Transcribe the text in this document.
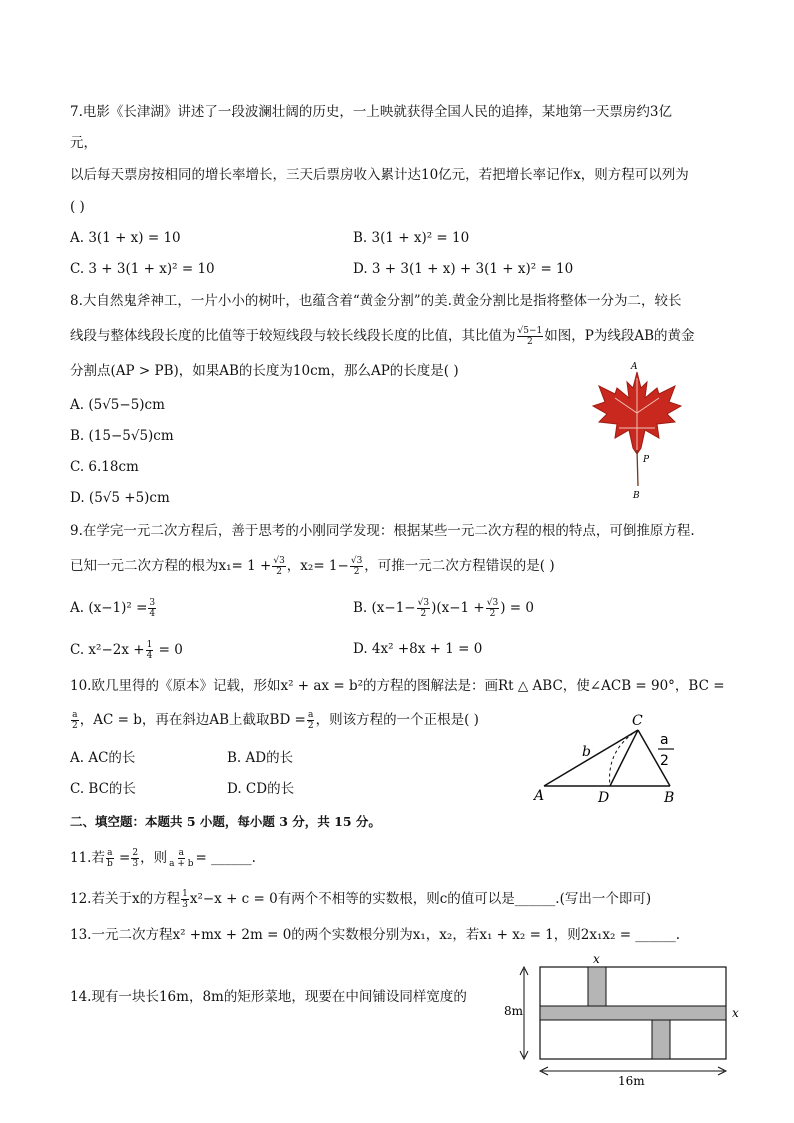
7.电影《长津湖》讲述了一段波澜壮阔的历史，一上映就获得全国人民的追捧，某地第一天票房约3亿
元，
以后每天票房按相同的增长率增长，三天后票房收入累计达10亿元，若把增长率记作x，则方程可以列为
( )
A. 3(1 + x) = 10	B. 3(1 + x)² = 10
C. 3 + 3(1 + x)² = 10	D. 3 + 3(1 + x) + 3(1 + x)² = 10
8.大自然鬼斧神工，一片小小的树叶，也蕴含着“黄金分割”的美.黄金分割比是指将整体一分为二，较长
线段与整体线段长度的比值等于较短线段与较长线段长度的比值，其比值为 $\frac{√5-1}{2}$ 如图，P为线段AB的黄金
分割点(AP > PB)，如果AB的长度为10cm，那么AP的长度是( )
A. (5√5−5)cm
B. (15−5√5)cm
C. 6.18cm
D. (5√5 +5)cm
A
P
B
9.在学完一元二次方程后，善于思考的小刚同学发现：根据某些一元二次方程的根的特点，可倒推原方程.
已知一元二次方程的根为$x_1= 1 + \frac{√3}{2}$ ，$x_2= 1- \frac{√3}{2}$ ，可推一元二次方程错误的是( )
A. $(x-1)^2 = \frac{3}{4}$	B. $(x-1- \frac{√3}{2} )(x-1 + \frac{√3}{2}$ ) = 0
C. $x^2-2x + \frac{1}{4} = 0$	D. 4x² +8x + 1 = 0
10.欧几里得的《原本》记载，形如x² + ax = b²的方程的图解法是：画Rt △ ABC，使∠ACB = 90°，BC =
$\frac{a}{2}$ ，AC = b，再在斜边AB上截取BD = $\frac{a}{2}$ ，则该方程的一个正根是( )
A. AC的长	B. AD的长
C. BC的长	D. CD的长	A	D	B
C
b
a
2
二、填空题：本题共 5 小题，每小题 3 分，共 15 分。
11.若 $\frac{a}{b} = \frac{2}{3}$ ，则 $\frac{a}{a + b}$ = ______.
12.若关于x的方程 $\frac{1}{3} x^2-x + c = 0$有两个不相等的实数根，则c的值可以是______.(写出一个即可)
13.一元二次方程x² +mx + 2m = 0的两个实数根分别为x₁，x₂，若x₁ + x₂ = 1，则2x₁x₂ = ______.
14.现有一块长16m，8m的矩形菜地，现要在中间铺设同样宽度的
x
x
8m
16m
